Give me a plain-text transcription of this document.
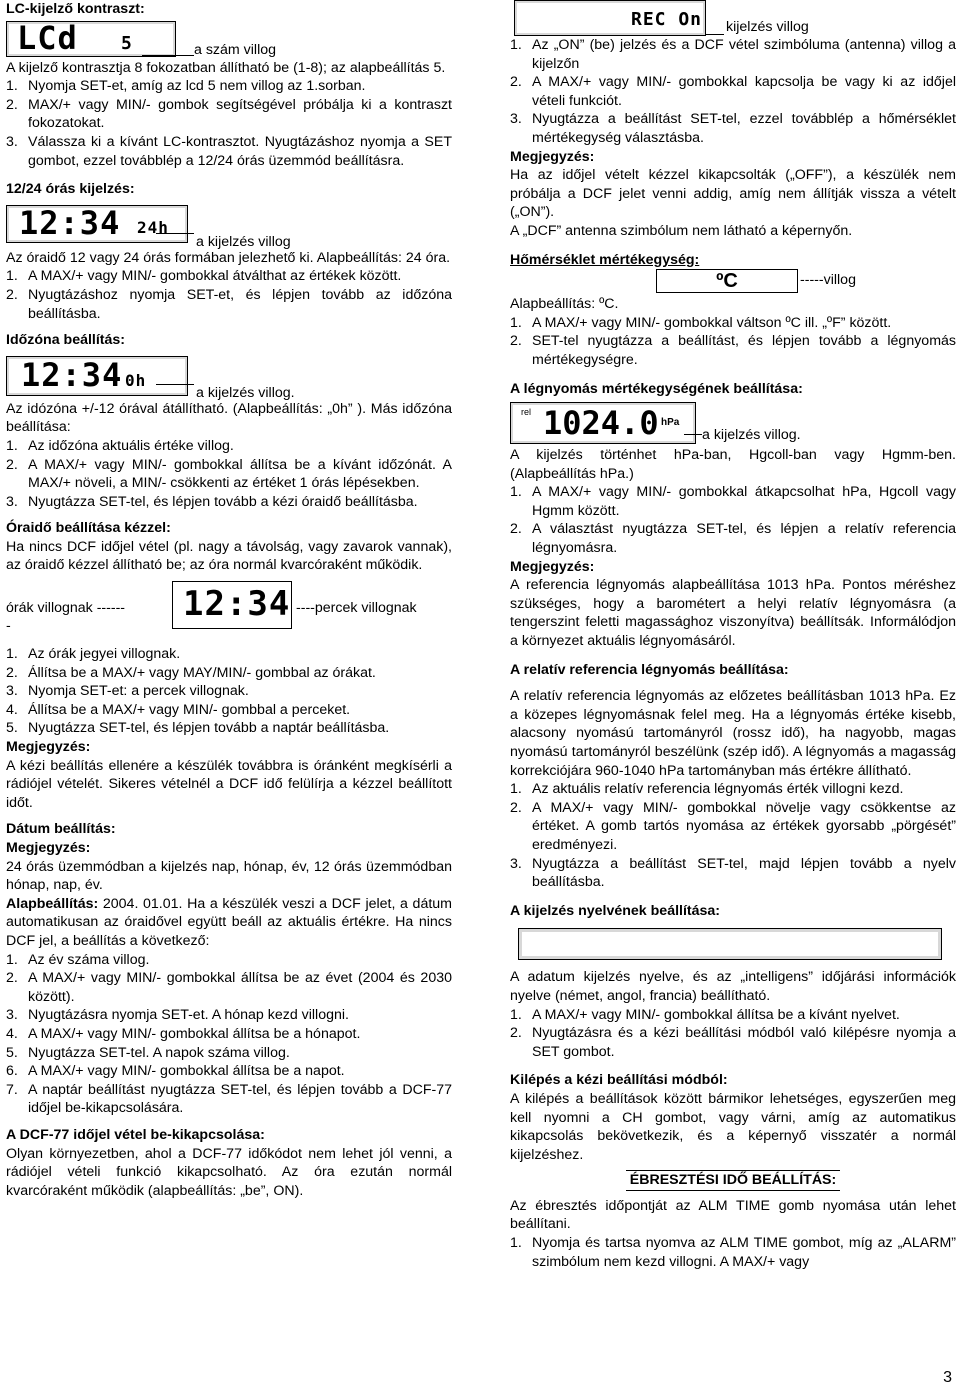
LC-kijelző kontraszt:
LCd 5	a szám villog

A kijelző kontrasztja 8 fokozatban állítható be (1-8); az alapbeállítás 5.

1. Nyomja SET-et, amíg az lcd 5 nem villog az 1.sorban.
2. MAX/+ vagy MIN/- gombok segítségével próbálja ki a kontraszt fokozatokat.
3. Válassza ki a kívánt LC-kontrasztot. Nyugtázáshoz nyomja a SET gombot, ezzel továbblép a 12/24 órás üzemmód beállításra.
12/24 órás kijelzés:
12:34 24h
a kijelzés villog

Az óraidő 12 vagy 24 órás formában jelezhető ki. Alapbeállítás: 24 óra.

1. A MAX/+ vagy MIN/- gombokkal átválthat az értékek között.
2. Nyugtázáshoz nyomja SET-et, és lépjen tovább az időzóna beállításba.
Időzóna beállítás:
12:34 0h
a kijelzés villog.

Az idózóna +/-12 órával átállítható. (Alapbeállítás: „0h” ). Más időzóna beállítása:

1. Az időzóna aktuális értéke villog.
2. A MAX/+ vagy MIN/- gombokkal állítsa be a kívánt időzónát. A MAX/+ növeli, a MIN/- csökkenti az értéket 1 órás lépésekben.
3. Nyugtázza SET-tel, és lépjen tovább a kézi óraidő beállításba.
Óraidő beállítása kézzel:

Ha nincs DCF időjel vétel (pl. nagy a távolság, vagy zavarok vannak), az óraidő kézzel állítható be; az óra normál kvarcóraként működik.

órák villognak ------
-
12:34 ----percek villognak
1. Az órák jegyei villognak.
2. Állítsa be a MAX/+ vagy MAY/MIN/- gombbal az órákat.
3. Nyomja SET-et: a percek villognak.
4. Állítsa be a MAX/+ vagy MIN/- gombbal a perceket.
5. Nyugtázza SET-tel, és lépjen tovább a naptár beállításba.
Megjegyzés:

A kézi beállítás ellenére a készülék továbbra is óránként megkísérli a rádiójel vételét. Sikeres vételnél a DCF idő felülírja a kézzel beállított időt.

Dátum beállítás:
Megjegyzés:

24 órás üzemmódban a kijelzés nap, hónap, év, 12 órás üzemmódban hónap, nap, év.

Alapbeállítás: 2004. 01.01. Ha a készülék veszi a DCF jelet, a dátum automatikusan az óraidővel együtt beáll az aktuális értékre. Ha nincs DCF jel, a beállítás a következő:

1. Az év száma villog.
2. A MAX/+ vagy MIN/- gombokkal állítsa be az évet (2004 és 2030 között).
3. Nyugtázásra nyomja SET-et. A hónap kezd villogni.
4. A MAX/+ vagy MIN/- gombokkal állítsa be a hónapot.
5. Nyugtázza SET-tel. A napok száma villog.
6. A MAX/+ vagy MIN/- gombokkal állítsa be a napot.
7. A naptár beállítást nyugtázza SET-tel, és lépjen tovább a DCF-77 időjel be-kikapcsolására.
A DCF-77 időjel vétel be-kikapcsolása:

Olyan környezetben, ahol a DCF-77 időkódot nem lehet jól venni, a rádiójel vételi funkció kikapcsolható. Az óra ezután normál kvarcóraként működik (alapbeállítás: „be”, ON).

REC On kijelzés villog
1. Az „ON” (be) jelzés és a DCF vétel szimbóluma (antenna) villog a kijelzőn
2. A MAX/+ vagy MIN/- gombokkal kapcsolja be vagy ki az időjel vételi funkciót.
3. Nyugtázza a beállítást SET-tel, ezzel továbblép a hőmérséklet mértékegység választásba.
Megjegyzés:

Ha az időjel vételt kézzel kikapcsolták („OFF”), a készülék nem próbálja a DCF jelet venni addig, amíg nem állítják vissza a vételt („ON”).

A „DCF” antenna szimbólum nem látható a képernyőn.

Hőmérséklet mértékegység:
ºC	-----villog

Alapbeállítás: ºC.

1. A MAX/+ vagy MIN/- gombokkal váltson ºC ill. „ºF” között.
2. SET-tel nyugtázza a beállítást, és lépjen tovább a légnyomás mértékegységre.
A légnyomás mértékegységének beállítása:
rel 1024.0 hPa
a kijelzés villog.

A kijelzés történhet hPa-ban, Hgcoll-ban vagy Hgmm-ben. (Alapbeállítás hPa.)

1. A MAX/+ vagy MIN/- gombokkal átkapcsolhat hPa, Hgcoll vagy Hgmm között.
2. A választást nyugtázza SET-tel, és lépjen a relatív referencia légnyomásra.
Megjegyzés:

A referencia légnyomás alapbeállítása 1013 hPa. Pontos méréshez szükséges, hogy a barométert a helyi relatív légnyomásra (a tengerszint feletti magassághoz viszonyítva) beállítsák. Informálódjon a környezet aktuális légnyomásáról.

A relatív referencia légnyomás beállítása:

A relatív referencia légnyomás az előzetes beállításban 1013 hPa. Ez a közepes légnyomásnak felel meg. Ha a légnyomás értéke kisebb, alacsony nyomású tartományról (rossz idő), ha nagyobb, magas nyomású tartományról beszélünk (szép idő). A légnyomás a magasság korrekciójára 960-1040 hPa tartományban más értékre állítható.

1. Az aktuális relatív referencia légnyomás érték villogni kezd.
2. A MAX/+ vagy MIN/- gombokkal növelje vagy csökkentse az értéket. A gomb tartós nyomása az értékek gyorsabb „pörgését” eredményezi.
3. Nyugtázza a beállítást SET-tel, majd lépjen tovább a nyelv beállításba.
A kijelzés nyelvének beállítása:

A adatum kijelzés nyelve, és az „intelligens” időjárási információk nyelve (német, angol, francia) beállítható.

1. A MAX/+ vagy MIN/- gombokkal állítsa be a kívánt nyelvet.
2. Nyugtázásra és a kézi beállítási módból való kilépésre nyomja a SET gombot.
Kilépés a kézi beállítási módból:

A kilépés a beállítások között bármikor lehetséges, egyszerűen meg kell nyomni a CH gombot, vagy várni, amíg az automatikus kikapcsolás bekövetkezik, és a képernyő visszatér a normál kijelzéshez.

ÉBRESZTÉSI IDŐ BEÁLLÍTÁS:

Az ébresztés időpontját az ALM TIME gomb nyomása után lehet beállítani.

1. Nyomja és tartsa nyomva az ALM TIME gombot, míg az „ALARM” szimbólum nem kezd villogni. A MAX/+ vagy
3
